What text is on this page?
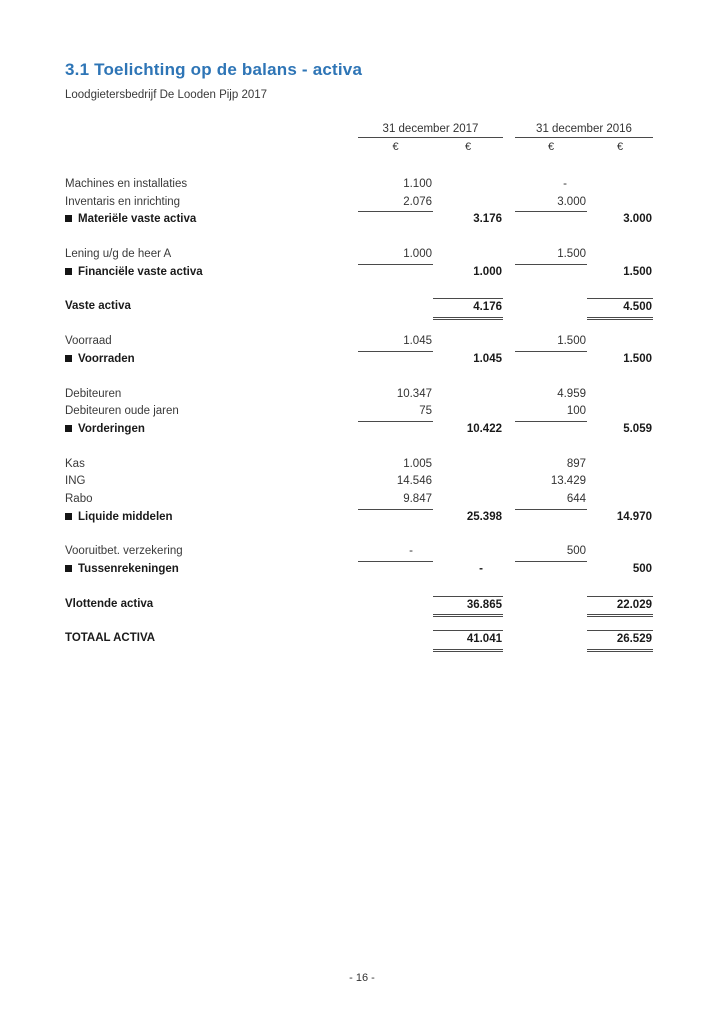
3.1 Toelichting op de balans - activa
Loodgietersbedrijf De Looden Pijp 2017
31 december 2017	31 december 2016
€	€	€	€
Machines en installaties	1.100	-
Inventaris en inrichting	2.076	3.000
Materiële vaste activa	3.176	3.000
Lening u/g de heer A	1.000	1.500
Financiële vaste activa	1.000	1.500
Vaste activa	4.176	4.500
Voorraad	1.045	1.500
Voorraden	1.045	1.500
Debiteuren	10.347	4.959
Debiteuren oude jaren	75	100
Vorderingen	10.422	5.059
Kas	1.005	897
ING	14.546	13.429
Rabo	9.847	644
Liquide middelen	25.398	14.970
Vooruitbet. verzekering	-	500
Tussenrekeningen	-	500
Vlottende activa	36.865	22.029
TOTAAL ACTIVA	41.041	26.529
- 16 -
